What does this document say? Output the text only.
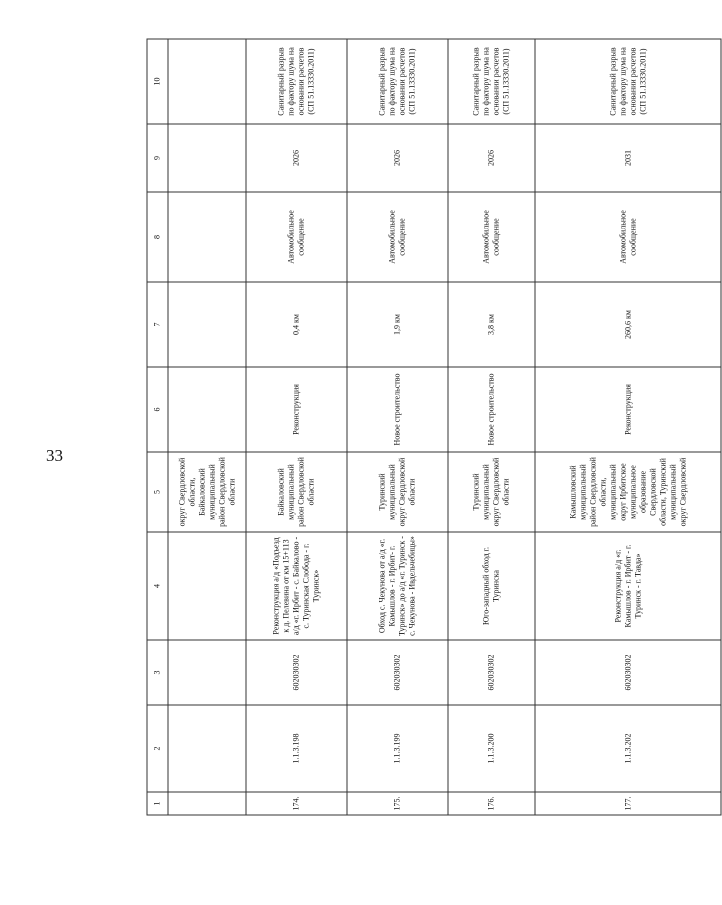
33
1	2	3	4	5	6	7	8	9	10
				округ Свердловской области, Байкаловский муниципальный район Свердловской области					
174.	1.1.3.198	602030302	Реконструкция а/д «Подъезд к д. Пелевина от км 15+113 а/д «г. Ирбит - с. Байкалово - с. Туринская Слобода - г. Туринск»	Байкаловский муниципальный район Свердловской области	Реконструкция	0,4 км	Автомобильное сообщение	2026	Санитарный разрыв по фактору шума на основании расчетов (СП 51.13330.2011)
175.	1.1.3.199	602030302	Обход с. Чекунова от а/д «г. Камышлов - г. Ирбит- г. Туринск» до а/д «г. Туринск - с. Чекунова - Ивдельчебицы»	Туринский муниципальный округ Свердловской области	Новое строительство	1,9 км	Автомобильное сообщение	2026	Санитарный разрыв по фактору шума на основании расчетов (СП 51.13330.2011)
176.	1.1.3.200	602030302	Юго-западный обход г. Туринска	Туринский муниципальный округ Свердловской области	Новое строительство	3,8 км	Автомобильное сообщение	2026	Санитарный разрыв по фактору шума на основании расчетов (СП 51.13330.2011)
177.	1.1.3.202	602030302	Реконструкция а/д «г. Камышлов - г. Ирбит - г. Туринск - г. Тавда»	Камышловский муниципальный район Свердловской области, муниципальный округ Ирбитское муниципальное образование Свердловской области, Туринский муниципальный округ Свердловской	Реконструкция	260,6 км	Автомобильное сообщение	2031	Санитарный разрыв по фактору шума на основании расчетов (СП 51.13330.2011)
